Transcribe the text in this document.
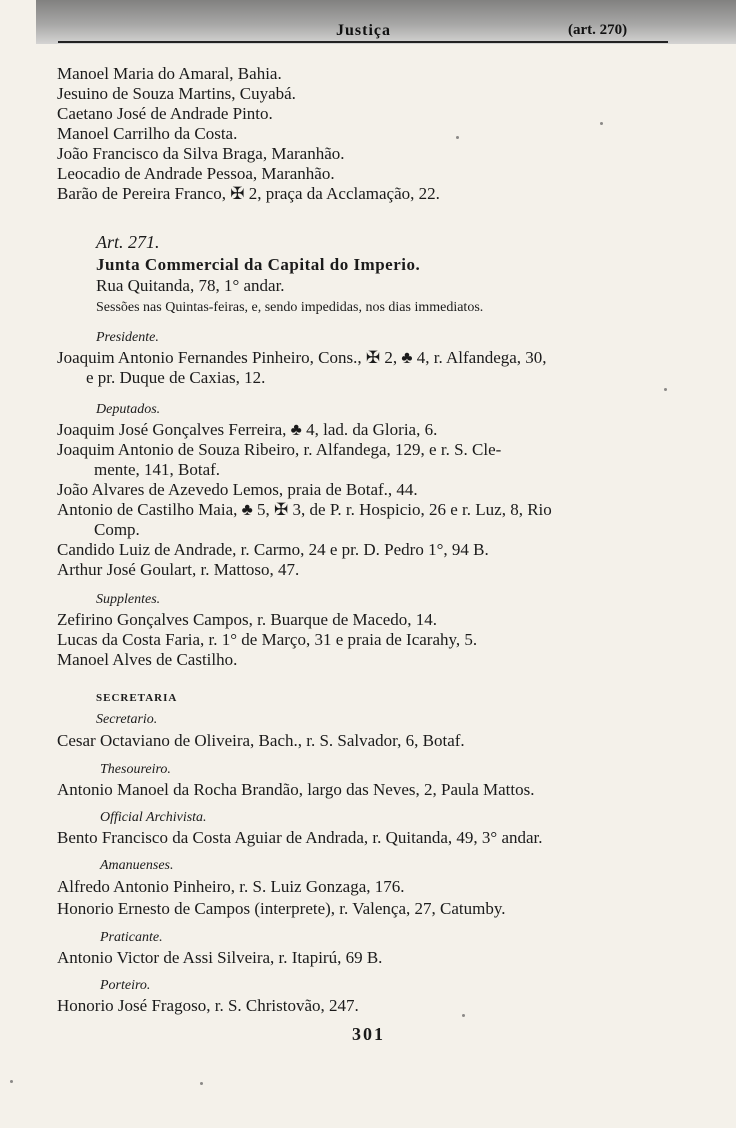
Justiça	(art. 270)
Manoel Maria do Amaral, Bahia.
Jesuino de Souza Martins, Cuyabá.
Caetano José de Andrade Pinto.
Manoel Carrilho da Costa.
João Francisco da Silva Braga, Maranhão.
Leocadio de Andrade Pessoa, Maranhão.
Barão de Pereira Franco, ✠ 2, praça da Acclamação, 22.
Art. 271.
Junta Commercial da Capital do Imperio.
Rua Quitanda, 78, 1° andar.
Sessões nas Quintas-feiras, e, sendo impedidas, nos dias immediatos.
Presidente.
Joaquim Antonio Fernandes Pinheiro, Cons., ✠ 2, ♣ 4, r. Alfandega, 30,
e pr. Duque de Caxias, 12.
Deputados.
Joaquim José Gonçalves Ferreira, ♣ 4, lad. da Gloria, 6.
Joaquim Antonio de Souza Ribeiro, r. Alfandega, 129, e r. S. Cle-
mente, 141, Botaf.
João Alvares de Azevedo Lemos, praia de Botaf., 44.
Antonio de Castilho Maia, ♣ 5, ✠ 3, de P. r. Hospicio, 26 e r. Luz, 8, Rio
Comp.
Candido Luiz de Andrade, r. Carmo, 24 e pr. D. Pedro 1°, 94 B.
Arthur José Goulart, r. Mattoso, 47.
Supplentes.
Zefirino Gonçalves Campos, r. Buarque de Macedo, 14.
Lucas da Costa Faria, r. 1° de Março, 31 e praia de Icarahy, 5.
Manoel Alves de Castilho.
SECRETARIA
Secretario.
Cesar Octaviano de Oliveira, Bach., r. S. Salvador, 6, Botaf.
Thesoureiro.
Antonio Manoel da Rocha Brandão, largo das Neves, 2, Paula Mattos.
Official Archivista.
Bento Francisco da Costa Aguiar de Andrada, r. Quitanda, 49, 3° andar.
Amanuenses.
Alfredo Antonio Pinheiro, r. S. Luiz Gonzaga, 176.
Honorio Ernesto de Campos (interprete), r. Valença, 27, Catumby.
Praticante.
Antonio Victor de Assi Silveira, r. Itapirú, 69 B.
Porteiro.
Honorio José Fragoso, r. S. Christovão, 247.
301
